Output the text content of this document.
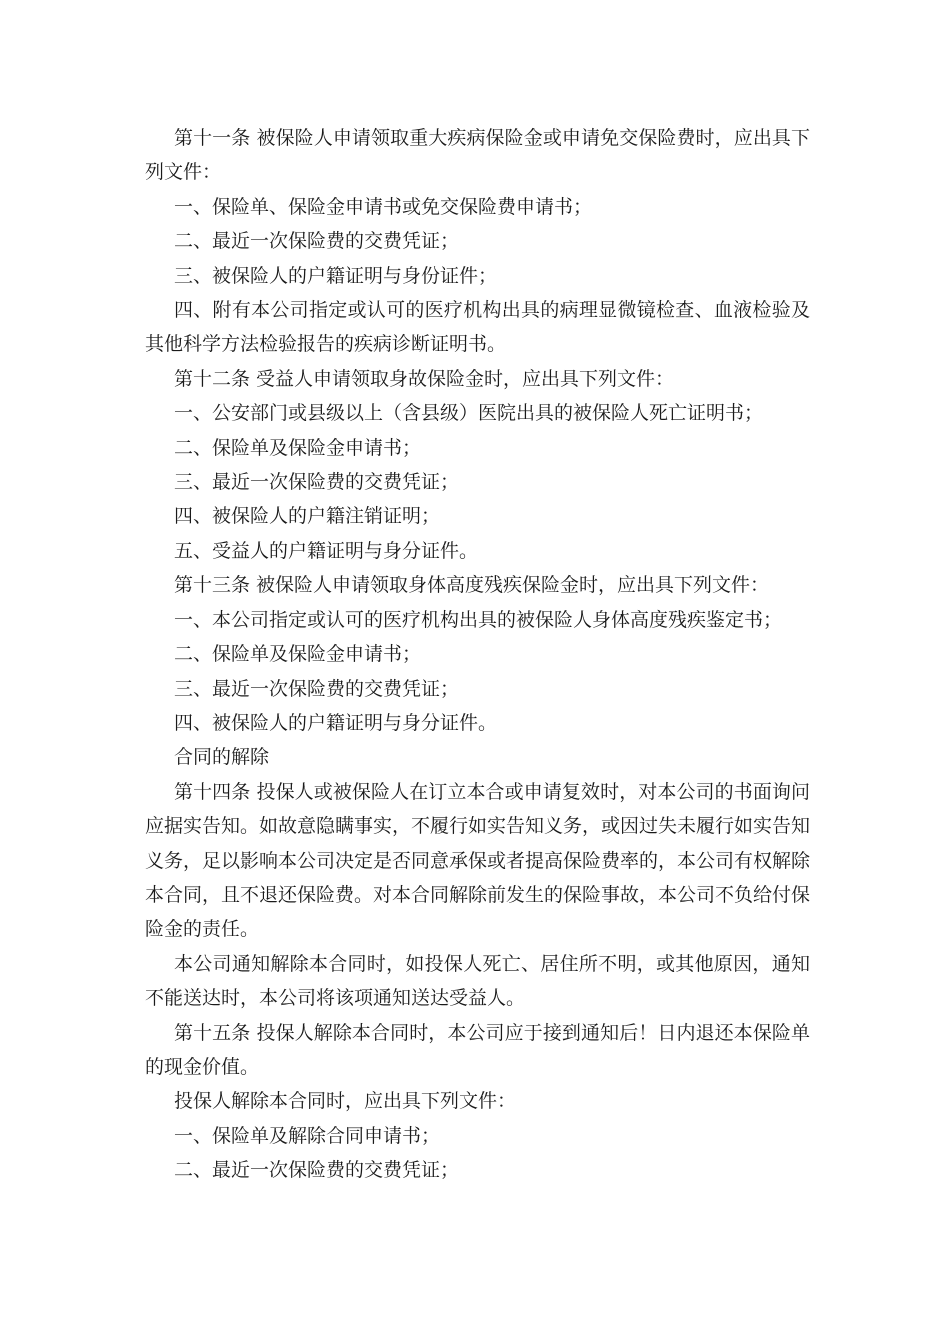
第十一条 被保险人申请领取重大疾病保险金或申请免交保险费时，应出具下列文件：

一、保险单、保险金申请书或免交保险费申请书；

二、最近一次保险费的交费凭证；

三、被保险人的户籍证明与身份证件；

四、附有本公司指定或认可的医疗机构出具的病理显微镜检查、血液检验及其他科学方法检验报告的疾病诊断证明书。

第十二条 受益人申请领取身故保险金时，应出具下列文件：

一、公安部门或县级以上（含县级）医院出具的被保险人死亡证明书；

二、保险单及保险金申请书；

三、最近一次保险费的交费凭证；

四、被保险人的户籍注销证明；

五、受益人的户籍证明与身分证件。

第十三条 被保险人申请领取身体高度残疾保险金时，应出具下列文件：

一、本公司指定或认可的医疗机构出具的被保险人身体高度残疾鉴定书；

二、保险单及保险金申请书；

三、最近一次保险费的交费凭证；

四、被保险人的户籍证明与身分证件。

合同的解除

第十四条 投保人或被保险人在订立本合或申请复效时，对本公司的书面询问应据实告知。如故意隐瞒事实，不履行如实告知义务，或因过失未履行如实告知义务，足以影响本公司决定是否同意承保或者提高保险费率的，本公司有权解除本合同，且不退还保险费。对本合同解除前发生的保险事故，本公司不负给付保险金的责任。

本公司通知解除本合同时，如投保人死亡、居住所不明，或其他原因，通知不能送达时，本公司将该项通知送达受益人。

第十五条 投保人解除本合同时，本公司应于接到通知后！日内退还本保险单的现金价值。

投保人解除本合同时，应出具下列文件：

一、保险单及解除合同申请书；

二、最近一次保险费的交费凭证；
